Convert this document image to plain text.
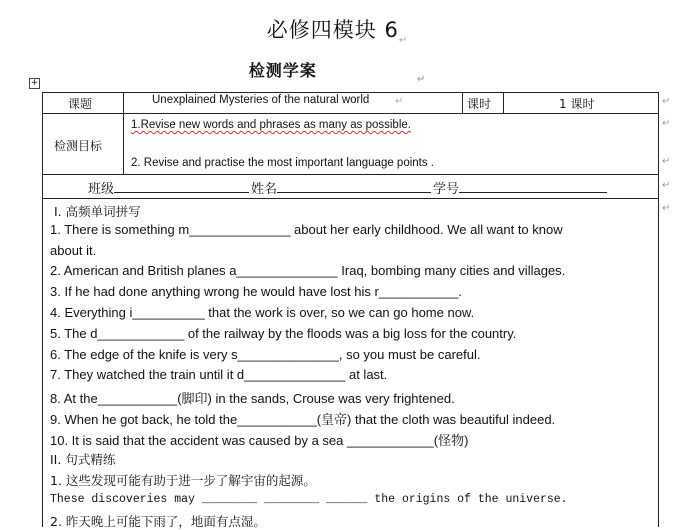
必修四模块 $6_↵$
检测学案	$_↵$
+
课题	Unexplained Mysteries of the natural world	↵	课时	1 课时
检测目标
1.Revise new words and phrases as many as possible.
2. Revise and practise the most important language points .
班级	姓名	学号
↵
↵
↵
↵
↵
Ⅰ. 高频单词拼写
1. There is something m______________ about her early childhood. We all want to know
about it.
2. American and British planes a______________ Iraq, bombing many cities and villages.
3. If he had done anything wrong he would have lost his r___________.
4. Everything i__________ that the work is over, so we can go home now.
5. The d____________ of the railway by the floods was a big loss for the country.
6. The edge of the knife is very s______________, so you must be careful.
7. They watched the train until it d______________ at last.
8. At the___________(脚印) in the sands, Crouse was very frightened.
9. When he got back, he told the___________(皇帝) that the cloth was beautiful indeed.
10. It is said that the accident was caused by a sea ____________(怪物)
II. 句式精练
1. 这些发现可能有助于进一步了解宇宙的起源。
These discoveries may ________ ________ ______ the origins of the universe.
2. 昨天晚上可能下雨了，地面有点湿。
